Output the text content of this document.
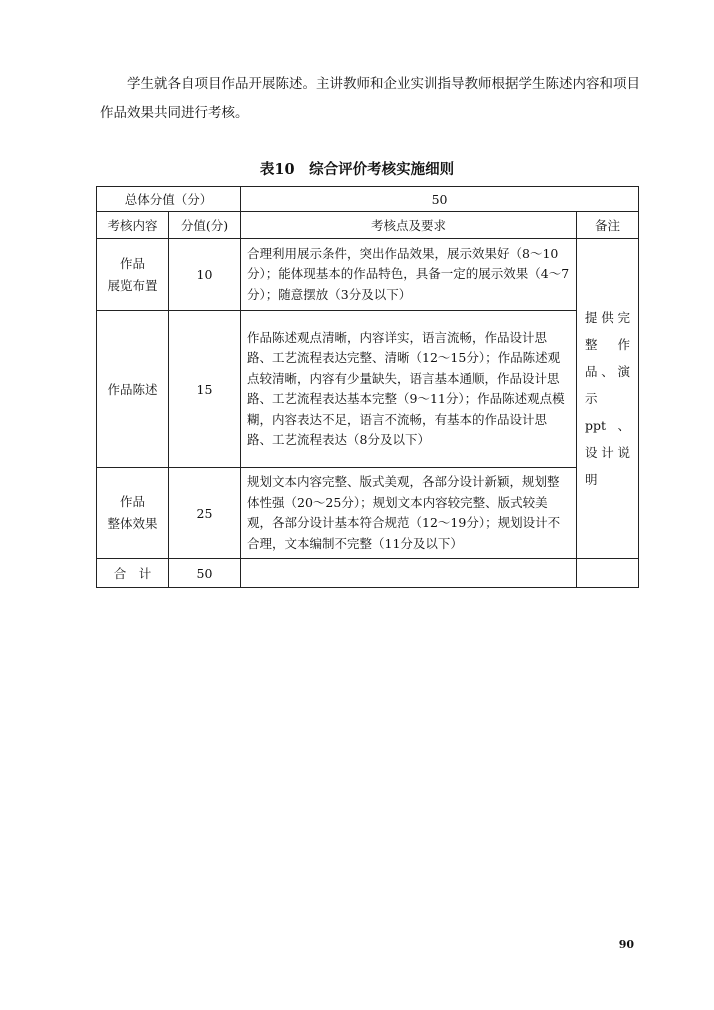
学生就各自项目作品开展陈述。主讲教师和企业实训指导教师根据学生陈述内容和项目作品效果共同进行考核。

表10　综合评价考核实施细则

总体分值（分）		50	
考核内容	分值(分)	考核点及要求	备注
作品
展览布置	10	合理利用展示条件，突出作品效果，展示效果好（8～10分）；能体现基本的作品特色，具备一定的展示效果（4～7分）；随意摆放（3分及以下）	提供完整作品、演　示ppt、设计说明
作品陈述	15	作品陈述观点清晰，内容详实，语言流畅，作品设计思路、工艺流程表达完整、清晰（12～15分）；作品陈述观点较清晰，内容有少量缺失，语言基本通顺，作品设计思路、工艺流程表达基本完整（9～11分）；作品陈述观点模糊，内容表达不足，语言不流畅，有基本的作品设计思路、工艺流程表达（8分及以下）	
作品
整体效果	25	规划文本内容完整、版式美观，各部分设计新颖，规划整体性强（20～25分）；规划文本内容较完整、版式较美观，各部分设计基本符合规范（12～19分）；规划设计不合理，文本编制不完整（11分及以下）	
合　计	50		

90
